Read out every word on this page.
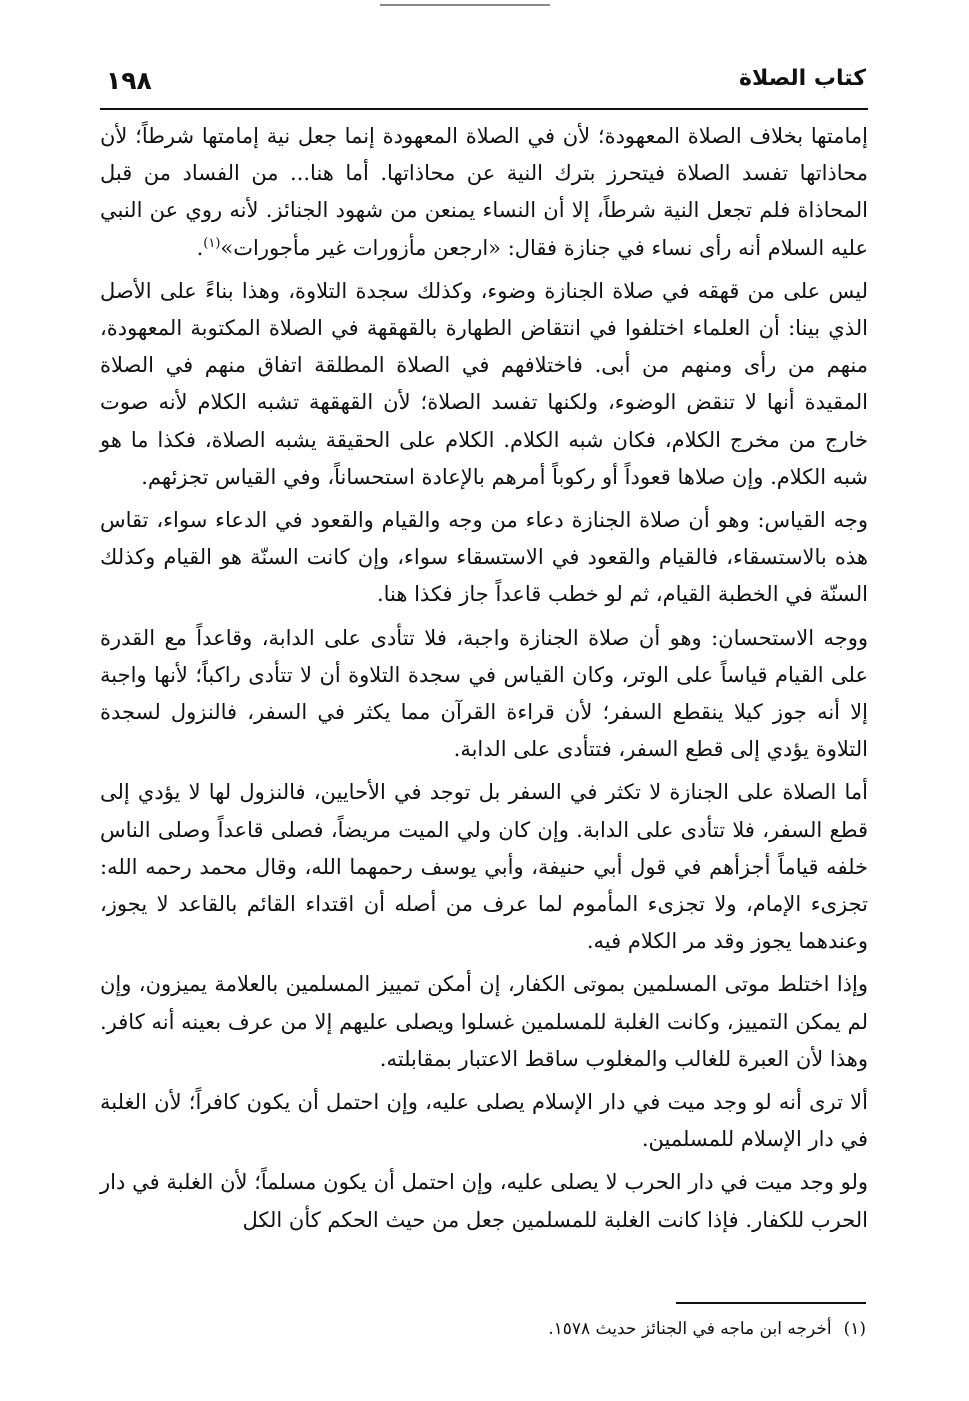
١٩٨	كتاب الصلاة

إمامتها بخلاف الصلاة المعهودة؛ لأن في الصلاة المعهودة إنما جعل نية إمامتها شرطاً؛ لأن محاذاتها تفسد الصلاة فيتحرز بترك النية عن محاذاتها. أما هنا... من الفساد من قبل المحاذاة فلم تجعل النية شرطاً، إلا أن النساء يمنعن من شهود الجنائز. لأنه روي عن النبي عليه السلام أنه رأى نساء في جنازة فقال: «ارجعن مأزورات غير مأجورات»$^{(١)}$.

ليس على من قهقه في صلاة الجنازة وضوء، وكذلك سجدة التلاوة، وهذا بناءً على الأصل الذي بينا: أن العلماء اختلفوا في انتقاض الطهارة بالقهقهة في الصلاة المكتوبة المعهودة، منهم من رأى ومنهم من أبى. فاختلافهم في الصلاة المطلقة اتفاق منهم في الصلاة المقيدة أنها لا تنقض الوضوء، ولكنها تفسد الصلاة؛ لأن القهقهة تشبه الكلام لأنه صوت خارج من مخرج الكلام، فكان شبه الكلام. الكلام على الحقيقة يشبه الصلاة، فكذا ما هو شبه الكلام. وإن صلاها قعوداً أو ركوباً أمرهم بالإعادة استحساناً، وفي القياس تجزئهم.

وجه القياس: وهو أن صلاة الجنازة دعاء من وجه والقيام والقعود في الدعاء سواء، تقاس هذه بالاستسقاء، فالقيام والقعود في الاستسقاء سواء، وإن كانت السنّة هو القيام وكذلك السنّة في الخطبة القيام، ثم لو خطب قاعداً جاز فكذا هنا.

ووجه الاستحسان: وهو أن صلاة الجنازة واجبة، فلا تتأدى على الدابة، وقاعداً مع القدرة على القيام قياساً على الوتر، وكان القياس في سجدة التلاوة أن لا تتأدى راكباً؛ لأنها واجبة إلا أنه جوز كيلا ينقطع السفر؛ لأن قراءة القرآن مما يكثر في السفر، فالنزول لسجدة التلاوة يؤدي إلى قطع السفر، فتتأدى على الدابة.

أما الصلاة على الجنازة لا تكثر في السفر بل توجد في الأحايين، فالنزول لها لا يؤدي إلى قطع السفر، فلا تتأدى على الدابة. وإن كان ولي الميت مريضاً، فصلى قاعداً وصلى الناس خلفه قياماً أجزأهم في قول أبي حنيفة، وأبي يوسف رحمهما الله، وقال محمد رحمه الله: تجزىء الإمام، ولا تجزىء المأموم لما عرف من أصله أن اقتداء القائم بالقاعد لا يجوز، وعندهما يجوز وقد مر الكلام فيه.

وإذا اختلط موتى المسلمين بموتى الكفار، إن أمكن تمييز المسلمين بالعلامة يميزون، وإن لم يمكن التمييز، وكانت الغلبة للمسلمين غسلوا ويصلى عليهم إلا من عرف بعينه أنه كافر. وهذا لأن العبرة للغالب والمغلوب ساقط الاعتبار بمقابلته.

ألا ترى أنه لو وجد ميت في دار الإسلام يصلى عليه، وإن احتمل أن يكون كافراً؛ لأن الغلبة في دار الإسلام للمسلمين.

ولو وجد ميت في دار الحرب لا يصلى عليه، وإن احتمل أن يكون مسلماً؛ لأن الغلبة في دار الحرب للكفار. فإذا كانت الغلبة للمسلمين جعل من حيث الحكم كأن الكل

(١)أخرجه ابن ماجه في الجنائز حديث ١٥٧٨.
